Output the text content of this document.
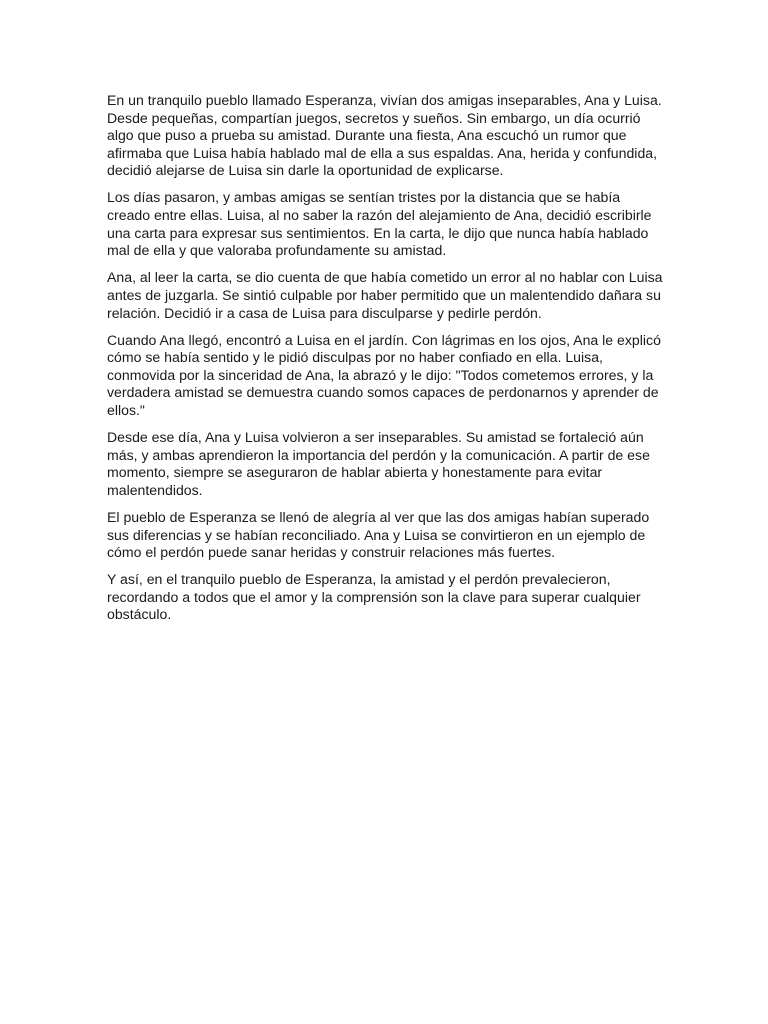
En un tranquilo pueblo llamado Esperanza, vivían dos amigas inseparables, Ana y Luisa. Desde pequeñas, compartían juegos, secretos y sueños. Sin embargo, un día ocurrió algo que puso a prueba su amistad. Durante una fiesta, Ana escuchó un rumor que afirmaba que Luisa había hablado mal de ella a sus espaldas. Ana, herida y confundida, decidió alejarse de Luisa sin darle la oportunidad de explicarse.

Los días pasaron, y ambas amigas se sentían tristes por la distancia que se había creado entre ellas. Luisa, al no saber la razón del alejamiento de Ana, decidió escribirle una carta para expresar sus sentimientos. En la carta, le dijo que nunca había hablado mal de ella y que valoraba profundamente su amistad.

Ana, al leer la carta, se dio cuenta de que había cometido un error al no hablar con Luisa antes de juzgarla. Se sintió culpable por haber permitido que un malentendido dañara su relación. Decidió ir a casa de Luisa para disculparse y pedirle perdón.

Cuando Ana llegó, encontró a Luisa en el jardín. Con lágrimas en los ojos, Ana le explicó cómo se había sentido y le pidió disculpas por no haber confiado en ella. Luisa, conmovida por la sinceridad de Ana, la abrazó y le dijo: "Todos cometemos errores, y la verdadera amistad se demuestra cuando somos capaces de perdonarnos y aprender de ellos."

Desde ese día, Ana y Luisa volvieron a ser inseparables. Su amistad se fortaleció aún más, y ambas aprendieron la importancia del perdón y la comunicación. A partir de ese momento, siempre se aseguraron de hablar abierta y honestamente para evitar malentendidos.

El pueblo de Esperanza se llenó de alegría al ver que las dos amigas habían superado sus diferencias y se habían reconciliado. Ana y Luisa se convirtieron en un ejemplo de cómo el perdón puede sanar heridas y construir relaciones más fuertes.

Y así, en el tranquilo pueblo de Esperanza, la amistad y el perdón prevalecieron, recordando a todos que el amor y la comprensión son la clave para superar cualquier obstáculo.
